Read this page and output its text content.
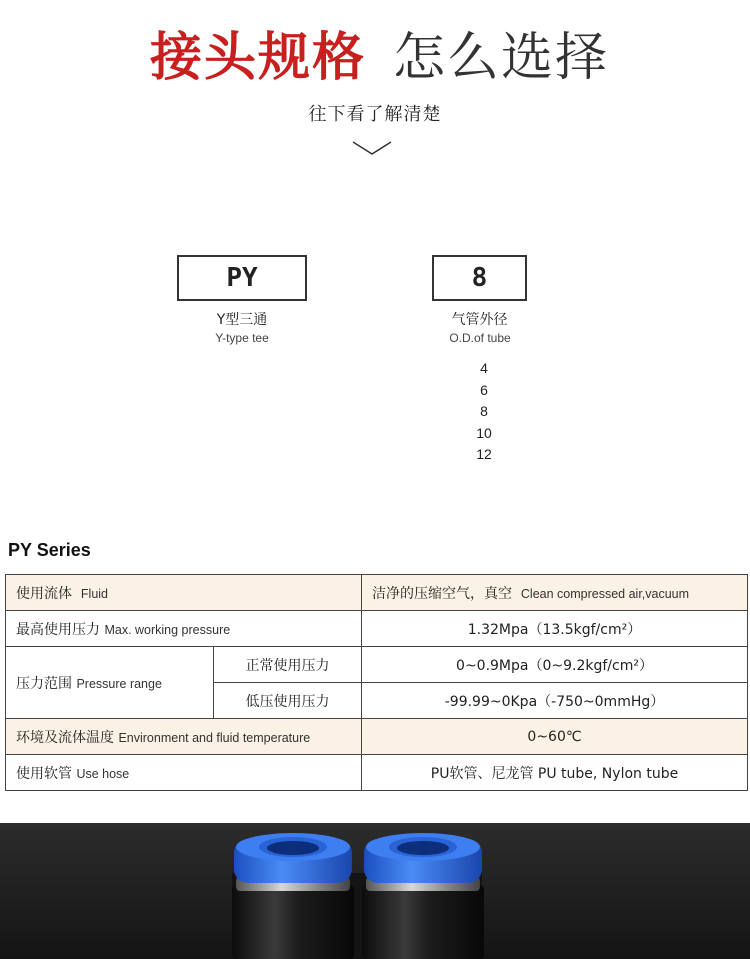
接头规格 怎么选择
往下看了解清楚
PY
Y型三通
Y-type tee
8
气管外径
O.D.of tube
4
6
8
10
12
PY Series
使用流体 Fluid		洁净的压缩空气，真空 Clean compressed air,vacuum
最高使用压力 Max. working pressure		1.32Mpa（13.5kgf/cm²）
压力范围 Pressure range	正常使用压力	0~0.9Mpa（0~9.2kgf/cm²）
	低压使用压力	-99.99~0Kpa（-750~0mmHg）
环境及流体温度 Environment and fluid temperature		0~60℃
使用软管 Use hose		PU软管、尼龙管 PU tube, Nylon tube
